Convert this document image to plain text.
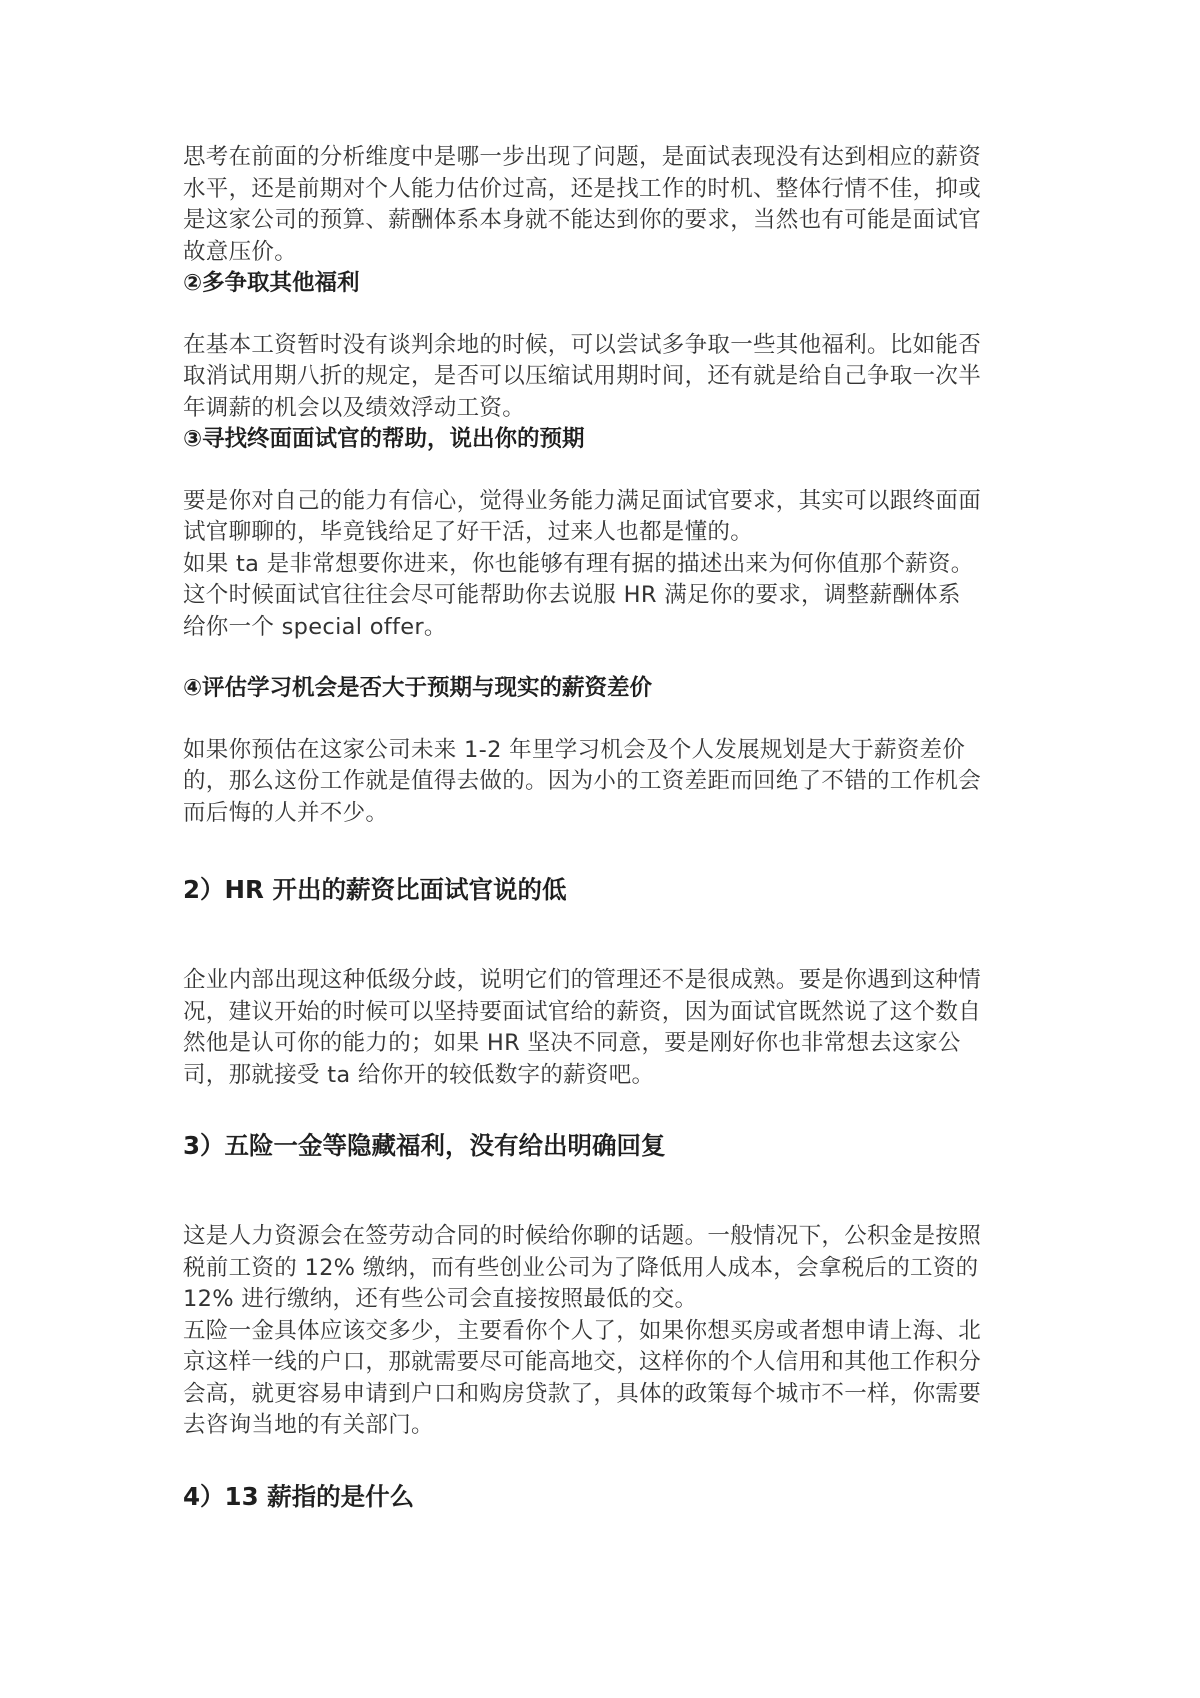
思考在前面的分析维度中是哪一步出现了问题，是面试表现没有达到相应的薪资
水平，还是前期对个人能力估价过高，还是找工作的时机、整体行情不佳，抑或
是这家公司的预算、薪酬体系本身就不能达到你的要求，当然也有可能是面试官
故意压价。

②多争取其他福利

在基本工资暂时没有谈判余地的时候，可以尝试多争取一些其他福利。比如能否
取消试用期八折的规定，是否可以压缩试用期时间，还有就是给自己争取一次半
年调薪的机会以及绩效浮动工资。

③寻找终面面试官的帮助，说出你的预期

要是你对自己的能力有信心，觉得业务能力满足面试官要求，其实可以跟终面面
试官聊聊的，毕竟钱给足了好干活，过来人也都是懂的。
如果 ta 是非常想要你进来，你也能够有理有据的描述出来为何你值那个薪资。
这个时候面试官往往会尽可能帮助你去说服 HR 满足你的要求，调整薪酬体系
给你一个 special offer。

④评估学习机会是否大于预期与现实的薪资差价

如果你预估在这家公司未来 1-2 年里学习机会及个人发展规划是大于薪资差价
的，那么这份工作就是值得去做的。因为小的工资差距而回绝了不错的工作机会
而后悔的人并不少。

2）HR 开出的薪资比面试官说的低

企业内部出现这种低级分歧，说明它们的管理还不是很成熟。要是你遇到这种情
况，建议开始的时候可以坚持要面试官给的薪资，因为面试官既然说了这个数自
然他是认可你的能力的；如果 HR 坚决不同意，要是刚好你也非常想去这家公
司，那就接受 ta 给你开的较低数字的薪资吧。

3）五险一金等隐藏福利，没有给出明确回复

这是人力资源会在签劳动合同的时候给你聊的话题。一般情况下，公积金是按照
税前工资的 12% 缴纳，而有些创业公司为了降低用人成本，会拿税后的工资的
12% 进行缴纳，还有些公司会直接按照最低的交。
五险一金具体应该交多少，主要看你个人了，如果你想买房或者想申请上海、北
京这样一线的户口，那就需要尽可能高地交，这样你的个人信用和其他工作积分
会高，就更容易申请到户口和购房贷款了，具体的政策每个城市不一样，你需要
去咨询当地的有关部门。

4）13 薪指的是什么
